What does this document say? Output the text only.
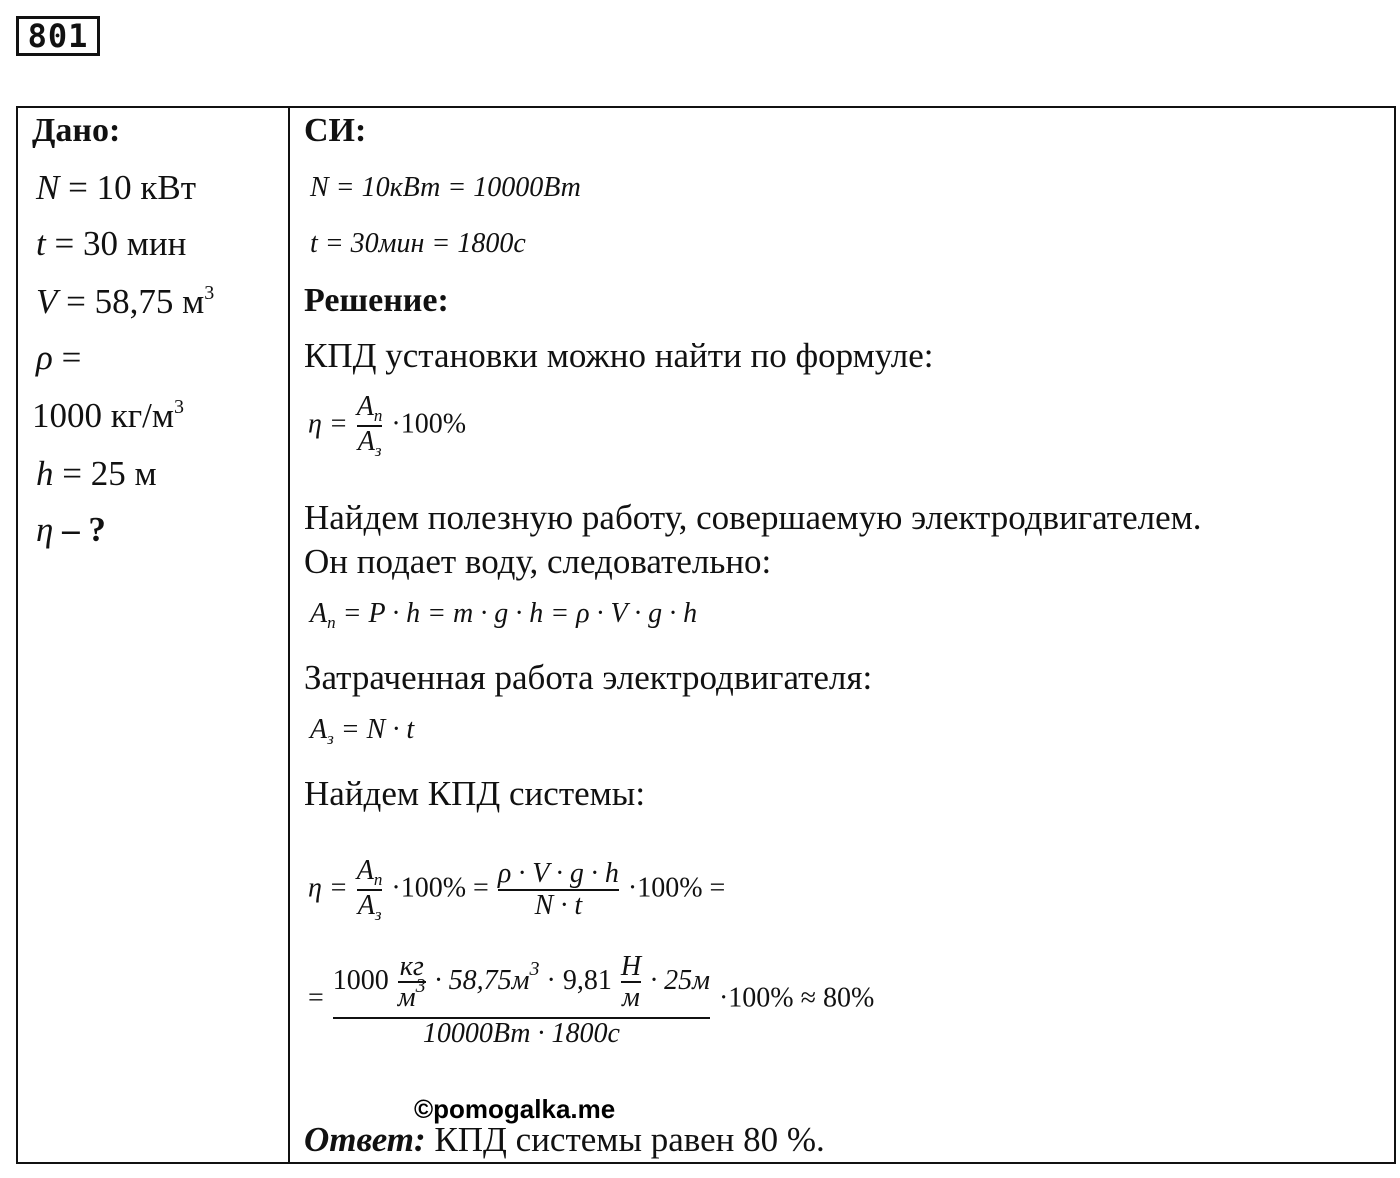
801
Дано:
N = 10 кВт
t = 30 мин
V = 58,75 $м^3$
ρ =
1000 $кг/м^3$
h = 25 м
η – ?
СИ:
N = 10кВт = 10000Вт
t = 30мин = 1800с
Решение:
КПД установки можно найти по формуле:
$\eta = \frac{A_п}{A_з} \cdot 100\%$
Найдем полезную работу, совершаемую электродвигателем.
Он подает воду, следовательно:
$A_п = P \cdot h = m \cdot g \cdot h = \rho \cdot V \cdot g \cdot h$
Затраченная работа электродвигателя:
$A_з = N \cdot t$
Найдем КПД системы:
$\eta = \frac{A_п}{A_з} \cdot 100\% = \frac{\rho \cdot V \cdot g \cdot h}{N \cdot t} \cdot 100\%$ =
=
$1000 \frac{кг}{м^3} \cdot 58,75м^3 \cdot 9,81 \frac{Н}{м} \cdot 25м$
10000Вт · 1800с
·100% ≈ 80%
©pomogalka.me
Ответ: КПД системы равен 80 %.
